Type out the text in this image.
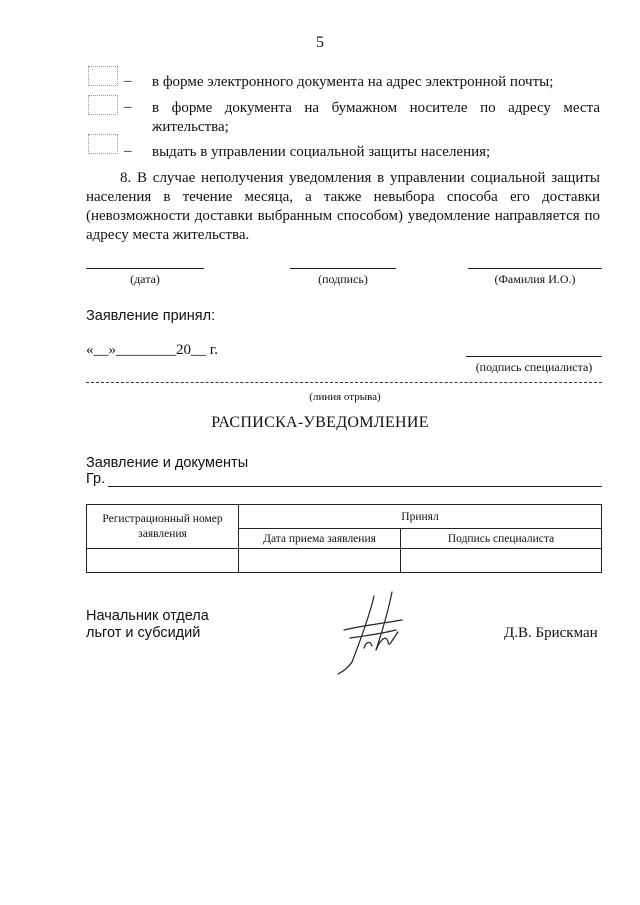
5
– в форме электронного документа на адрес электронной почты;
– в форме документа на бумажном носителе по адресу места жительства;
– выдать в управлении социальной защиты населения;
8. В случае неполучения уведомления в управлении социальной защиты населения в течение месяца, а также невыбора способа его доставки (невозможности доставки выбранным способом) уведомление направляется по адресу места жительства.
(дата)	(подпись)	(Фамилия И.О.)
Заявление принял:
«__»________20__ г.
(подпись специалиста)
(линия отрыва)
РАСПИСКА-УВЕДОМЛЕНИЕ
Заявление и документы
Гр.
Регистрационный номер заявления	Принял	
	Дата приема заявления	Подпись специалиста

Начальник отдела
льгот и субсидий	Д.В. Брискман
